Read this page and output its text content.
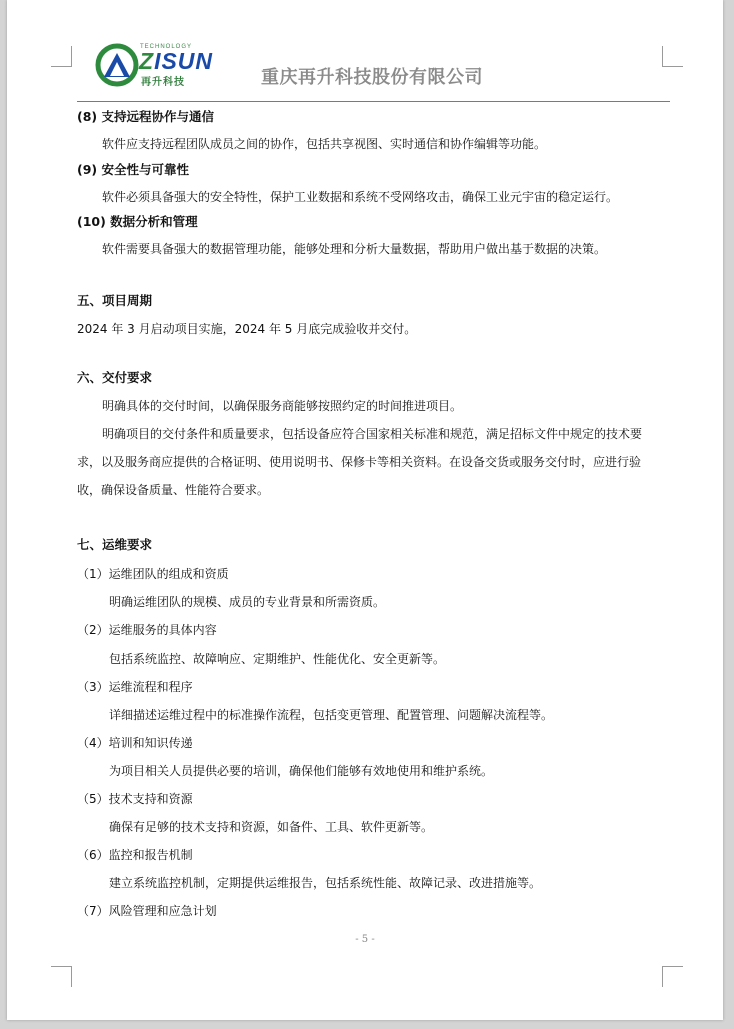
TECHNOLOGY
ZISUN
再升科技	重庆再升科技股份有限公司
(8) 支持远程协作与通信
软件应支持远程团队成员之间的协作，包括共享视图、实时通信和协作编辑等功能。
(9) 安全性与可靠性
软件必须具备强大的安全特性，保护工业数据和系统不受网络攻击，确保工业元宇宙的稳定运行。
(10) 数据分析和管理
软件需要具备强大的数据管理功能，能够处理和分析大量数据，帮助用户做出基于数据的决策。
五、项目周期
2024 年 3 月启动项目实施，2024 年 5 月底完成验收并交付。
六、交付要求
明确具体的交付时间，以确保服务商能够按照约定的时间推进项目。
明确项目的交付条件和质量要求，包括设备应符合国家相关标准和规范，满足招标文件中规定的技术要
求，以及服务商应提供的合格证明、使用说明书、保修卡等相关资料。在设备交货或服务交付时，应进行验
收，确保设备质量、性能符合要求。
七、运维要求
（1）运维团队的组成和资质
明确运维团队的规模、成员的专业背景和所需资质。
（2）运维服务的具体内容
包括系统监控、故障响应、定期维护、性能优化、安全更新等。
（3）运维流程和程序
详细描述运维过程中的标准操作流程，包括变更管理、配置管理、问题解决流程等。
（4）培训和知识传递
为项目相关人员提供必要的培训，确保他们能够有效地使用和维护系统。
（5）技术支持和资源
确保有足够的技术支持和资源，如备件、工具、软件更新等。
（6）监控和报告机制
建立系统监控机制，定期提供运维报告，包括系统性能、故障记录、改进措施等。
（7）风险管理和应急计划
- 5 -
